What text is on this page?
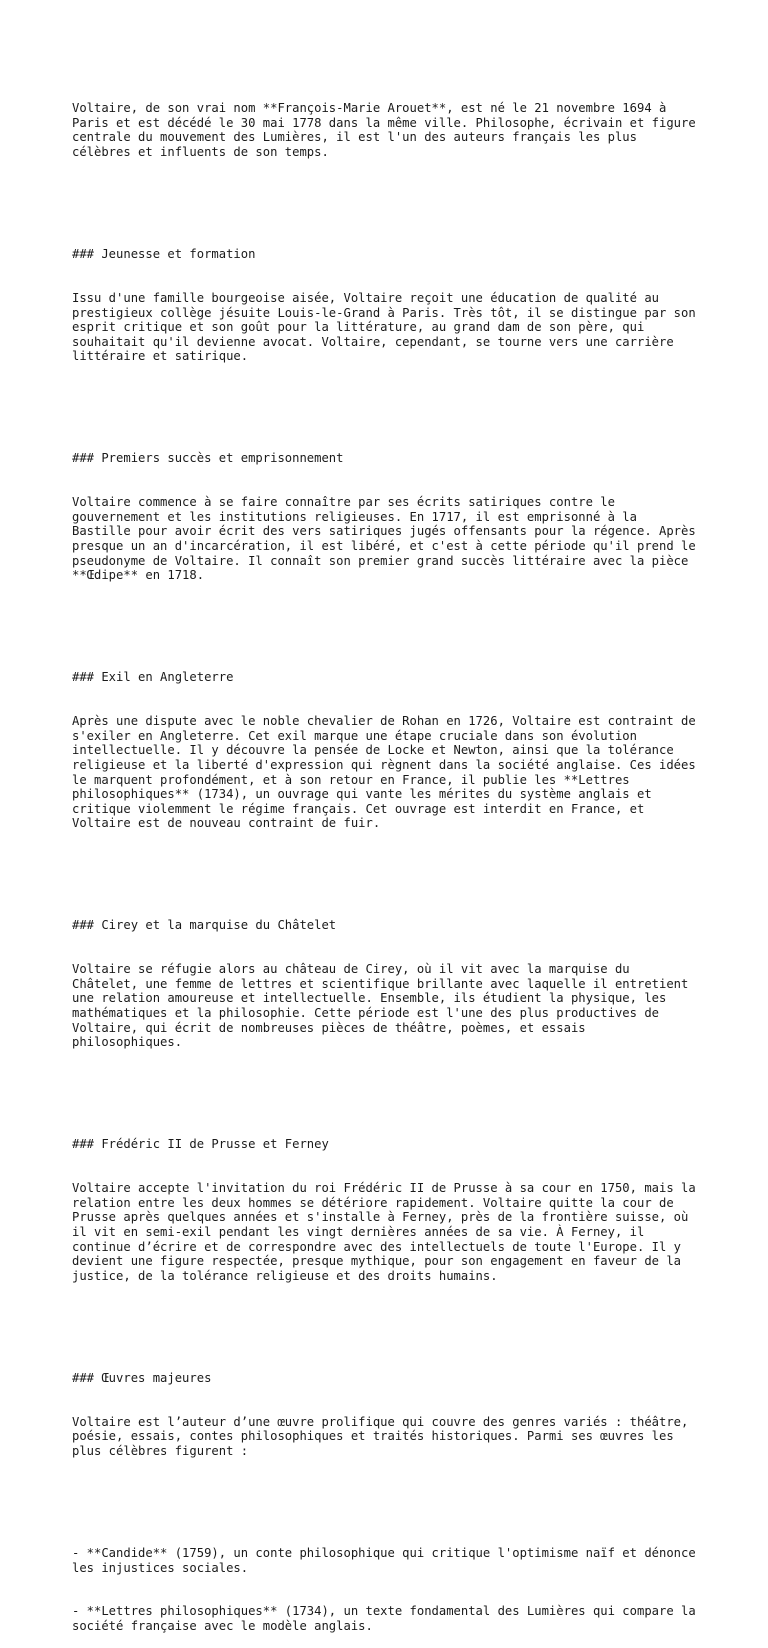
Voltaire, de son vrai nom **François-Marie Arouet**, est né le 21 novembre 1694 à Paris et est décédé le 30 mai 1778 dans la même ville. Philosophe, écrivain et figure centrale du mouvement des Lumières, il est l'un des auteurs français les plus célèbres et influents de son temps.

### Jeunesse et formation

Issu d'une famille bourgeoise aisée, Voltaire reçoit une éducation de qualité au prestigieux collège jésuite Louis-le-Grand à Paris. Très tôt, il se distingue par son esprit critique et son goût pour la littérature, au grand dam de son père, qui souhaitait qu'il devienne avocat. Voltaire, cependant, se tourne vers une carrière littéraire et satirique.

### Premiers succès et emprisonnement

Voltaire commence à se faire connaître par ses écrits satiriques contre le gouvernement et les institutions religieuses. En 1717, il est emprisonné à la Bastille pour avoir écrit des vers satiriques jugés offensants pour la régence. Après presque un an d'incarcération, il est libéré, et c'est à cette période qu'il prend le pseudonyme de Voltaire. Il connaît son premier grand succès littéraire avec la pièce **Œdipe** en 1718.

### Exil en Angleterre

Après une dispute avec le noble chevalier de Rohan en 1726, Voltaire est contraint de s'exiler en Angleterre. Cet exil marque une étape cruciale dans son évolution intellectuelle. Il y découvre la pensée de Locke et Newton, ainsi que la tolérance religieuse et la liberté d'expression qui règnent dans la société anglaise. Ces idées le marquent profondément, et à son retour en France, il publie les **Lettres philosophiques** (1734), un ouvrage qui vante les mérites du système anglais et critique violemment le régime français. Cet ouvrage est interdit en France, et Voltaire est de nouveau contraint de fuir.

### Cirey et la marquise du Châtelet

Voltaire se réfugie alors au château de Cirey, où il vit avec la marquise du Châtelet, une femme de lettres et scientifique brillante avec laquelle il entretient une relation amoureuse et intellectuelle. Ensemble, ils étudient la physique, les mathématiques et la philosophie. Cette période est l'une des plus productives de Voltaire, qui écrit de nombreuses pièces de théâtre, poèmes, et essais philosophiques.

### Frédéric II de Prusse et Ferney

Voltaire accepte l'invitation du roi Frédéric II de Prusse à sa cour en 1750, mais la relation entre les deux hommes se détériore rapidement. Voltaire quitte la cour de Prusse après quelques années et s'installe à Ferney, près de la frontière suisse, où il vit en semi-exil pendant les vingt dernières années de sa vie. À Ferney, il continue d’écrire et de correspondre avec des intellectuels de toute l'Europe. Il y devient une figure respectée, presque mythique, pour son engagement en faveur de la justice, de la tolérance religieuse et des droits humains.

### Œuvres majeures

Voltaire est l’auteur d’une œuvre prolifique qui couvre des genres variés : théâtre, poésie, essais, contes philosophiques et traités historiques. Parmi ses œuvres les plus célèbres figurent :

- **Candide** (1759), un conte philosophique qui critique l'optimisme naïf et dénonce les injustices sociales.

- **Lettres philosophiques** (1734), un texte fondamental des Lumières qui compare la société française avec le modèle anglais.
